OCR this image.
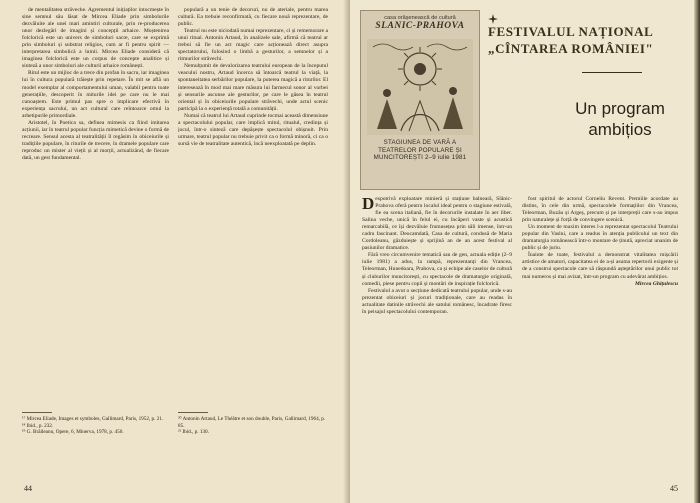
de mentalitatea străveche. Agrementul inițiaților intocmește în sine semnul său lăsat de Mircea Eliade prin simbolurile dezvăluite ale unei mari amintiri culturale, prin re-producerea unor dezlegări de imagini și concepții arhaice. Moștenirea folclorică este un univers de simboluri sacre, care se exprimă prin simboluri și substrat religios, cum ar fi pentru spirit — interpretarea simbolică a lumii. Mircea Eliade consideră că imaginea folclorică este un corpus de concepte analitice și sinteză a unor simboluri ale culturii arhaice românești.

Ritul este un mijloc de a trece din profan în sacru, iar imaginea lui în cultura populară trăiește prin repetare. În mit se află un model exemplar al comportamentului uman, valabil pentru toate generațiile, descoperit în miturile idei pe care nu le mai cunoaștem. Este primul pas spre o implicare efectivă în experiența sacrului, un act cultural care reîntoarce omul la arhetipurile primordiale.

Aristotel, în Poetica sa, definea mimesis ca fiind imitarea acțiunii, iar în teatrul popular funcția mimetică devine o formă de recreare. Sensul acesta al teatralității îl regăsim în obiceiurile și tradițiile populare, în riturile de trecere, în dramele populare care reproduc un mister al vieții și al morții, actualizând, de fiecare dată, un gest fundamental.

populară a un tenie de decoruri, nu de ateriale, pentru marea cultură. Ea trebuie reconfirmată, cu fiecare nouă reprezentare, de public.

Teatrul nu este niciodată numai reprezentare, ci și rememorare a unui ritual. Antonin Artaud, în analizele sale, afirmă că teatrul ar trebui să fie un act magic care acționează direct asupra spectatorului, folosind o limbă a gesturilor, a semnelor și a ritmurilor străvechi.

Nemulțumit de devalorizarea teatrului european de la începutul veacului nostru, Artaud încerca să întoarcă teatrul la viață, la spontaneitatea serbărilor populare, la puterea magică a riturilor. El interesează în mod mai mare măsura lui farmecul sonor al vorbei și sensurile ascunse ale gesturilor, pe care le găsea în teatrul oriental și în obiceiurile populare străvechi, unde actul scenic participă la o experiență totală a comunității.

Numai că teatrul lui Artaud cuprinde tocmai această dimensiune a spectacolului popular, care implică mitul, ritualul, credința și jocul, într-o sinteză care depășește spectacolul obișnuit. Prin urmare, teatrul popular nu trebuie privit ca o formă minoră, ci ca o sursă vie de teatralitate autentică, încă neexploatată pe deplin.

¹⁷ Mircea Eliade, Images et symboles, Gallimard, Paris, 1952, p. 21.
¹⁸ Ibid., p. 232.
¹⁹ G. Brăileanu, Opere, 6, Minerva, 1978, p. 450.
²⁰ Antonin Artaud, Le Théâtre et son double, Paris, Gallimard, 1964, p. 85.
²¹ Ibid., p. 130.
44
casa orășenească de cultură
SLANIC-PRAHOVA
STAGIUNEA DE VARĂ A TEATRELOR POPULARE ȘI MUNCITOREȘTI 2–9 iulie 1981
FESTIVALUL NAȚIONAL
„CÎNTAREA ROMÂNIEI"
Un program ambițios

Despotrivă exploatare minieră și stațiune balneară, Slănic-Prahova oferă pentru localul ideal pentru o stagiune estivală, fie ea scena italiană, fie în decorurile instalate în aer liber. Salina veche, unică în felul ei, cu încăperi vaste și acustică remarcabilă, ce își dezvăluie frumusețea prin săli imense, într-un cadru fascinant. Deocamdată, Casa de cultură, condusă de Maria Cordoleanu, găzduiește și sprijină an de an acest festival al pasiunilor dramatice.

Fără vreo circumvenire tematică sau de gen, actuala ediție (2–9 iulie 1981) a adus, la rampă, reprezentanți din Vrancea, Teleorman, Hunedoara, Prahova, ca și echipe ale caselor de cultură și cluburilor muncitorești, cu spectacole de dramaturgie originală, comedii, piese pentru copii și montări de inspirație folclorică.

Festivalul a avut o secțiune dedicată teatrului popular, unde s-au prezentat obiceiuri și jocuri tradiționale, care au readus în actualitate datinile străvechi ale satului românesc, încadrate firesc în peisajul spectacolului contemporan.

fost spiritul de actorul Corneliu Revent. Premiile acordate au distins, în cele din urmă, spectacolele formațiilor din Vrancea, Teleorman, Buzău și Argeș, precum și pe interpreții care s-au impus prin naturalețe și forță de convingere scenică.

Un moment de maxim interes l-a reprezentat spectacolul Teatrului popular din Vaslui, care a readus în atenția publicului un text din dramaturgia românească într-o montare de ținută, apreciat unanim de public și de juriu.

Înainte de toate, festivalul a demonstrat vitalitatea mișcării artistice de amatori, capacitatea ei de a-și asuma repertorii exigente și de a construi spectacole care să răspundă așteptărilor unui public tot mai numeros și mai avizat, într-un program cu adevărat ambițios.

Mircea Ghițulescu

45
